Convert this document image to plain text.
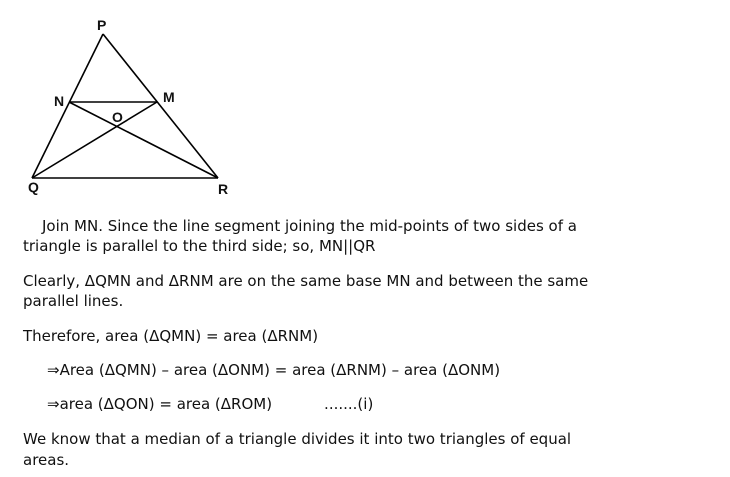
P
N	M
O
Q	R
Join MN. Since the line segment joining the mid-points of two sides of a
triangle is parallel to the third side; so, MN||QR
Clearly, ΔQMN and ΔRNM are on the same base MN and between the same
parallel lines.
Therefore, area (ΔQMN) = area (ΔRNM)
⇒Area (ΔQMN) – area (ΔONM) = area (ΔRNM) – area (ΔONM)
⇒area (ΔQON) = area (ΔROM)	.......(i)
We know that a median of a triangle divides it into two triangles of equal
areas.
